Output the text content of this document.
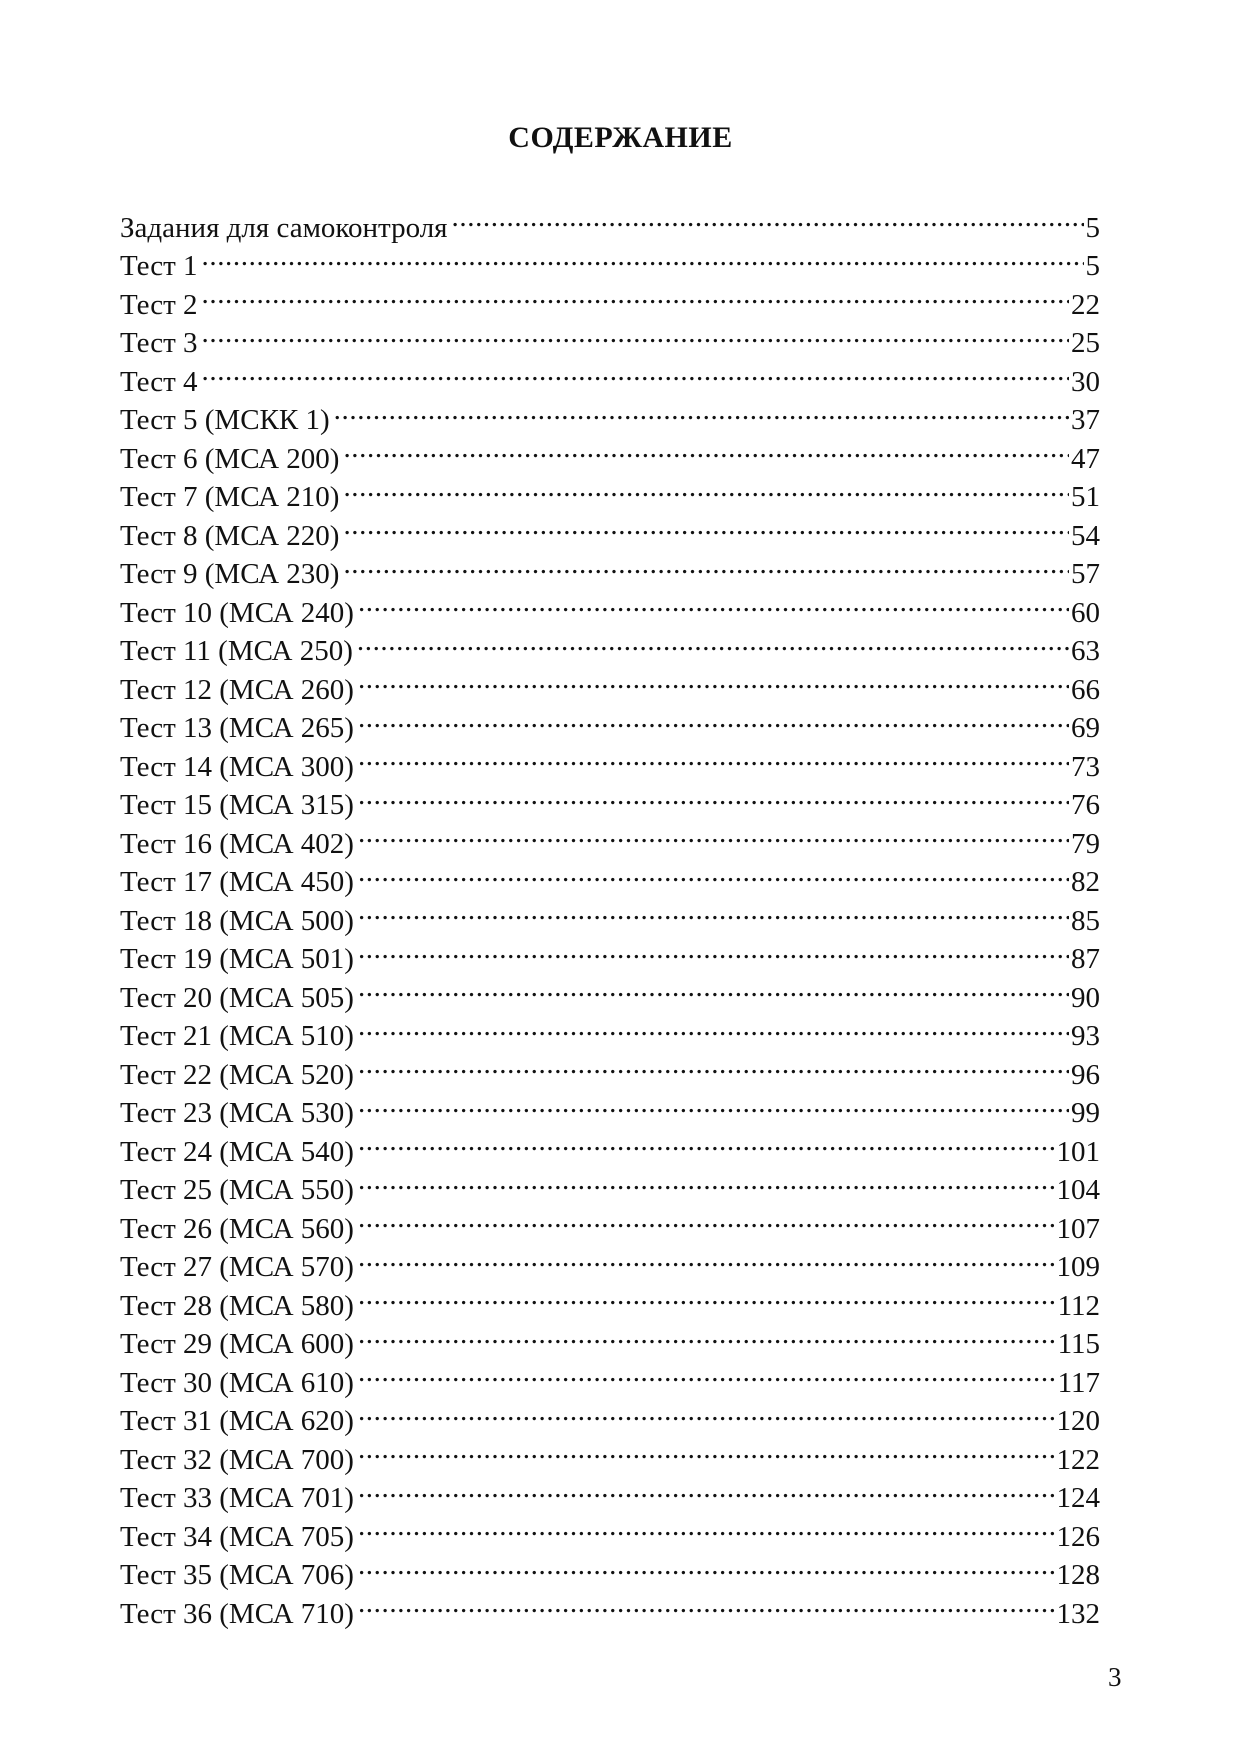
СОДЕРЖАНИЕ
Задания для самоконтроля .....	5
Тест 1 .....	5
Тест 2 .....	22
Тест 3 .....	25
Тест 4 .....	30
Тест 5 (МСКК 1) .....	37
Тест 6 (МСА 200) .....	47
Тест 7 (МСА 210) .....	51
Тест 8 (МСА 220) .....	54
Тест 9 (МСА 230) .....	57
Тест 10 (МСА 240) .....	60
Тест 11 (МСА 250) .....	63
Тест 12 (МСА 260) .....	66
Тест 13 (МСА 265) .....	69
Тест 14 (МСА 300) .....	73
Тест 15 (МСА 315) .....	76
Тест 16 (МСА 402) .....	79
Тест 17 (МСА 450) .....	82
Тест 18 (МСА 500) .....	85
Тест 19 (МСА 501) .....	87
Тест 20 (МСА 505) .....	90
Тест 21 (МСА 510) .....	93
Тест 22 (МСА 520) .....	96
Тест 23 (МСА 530) .....	99
Тест 24 (МСА 540) .....	101
Тест 25 (МСА 550) .....	104
Тест 26 (МСА 560) .....	107
Тест 27 (МСА 570) .....	109
Тест 28 (МСА 580) .....	112
Тест 29 (МСА 600) .....	115
Тест 30 (МСА 610) .....	117
Тест 31 (МСА 620) .....	120
Тест 32 (МСА 700) .....	122
Тест 33 (МСА 701) .....	124
Тест 34 (МСА 705) .....	126
Тест 35 (МСА 706) .....	128
Тест 36 (МСА 710) .....	132
3
